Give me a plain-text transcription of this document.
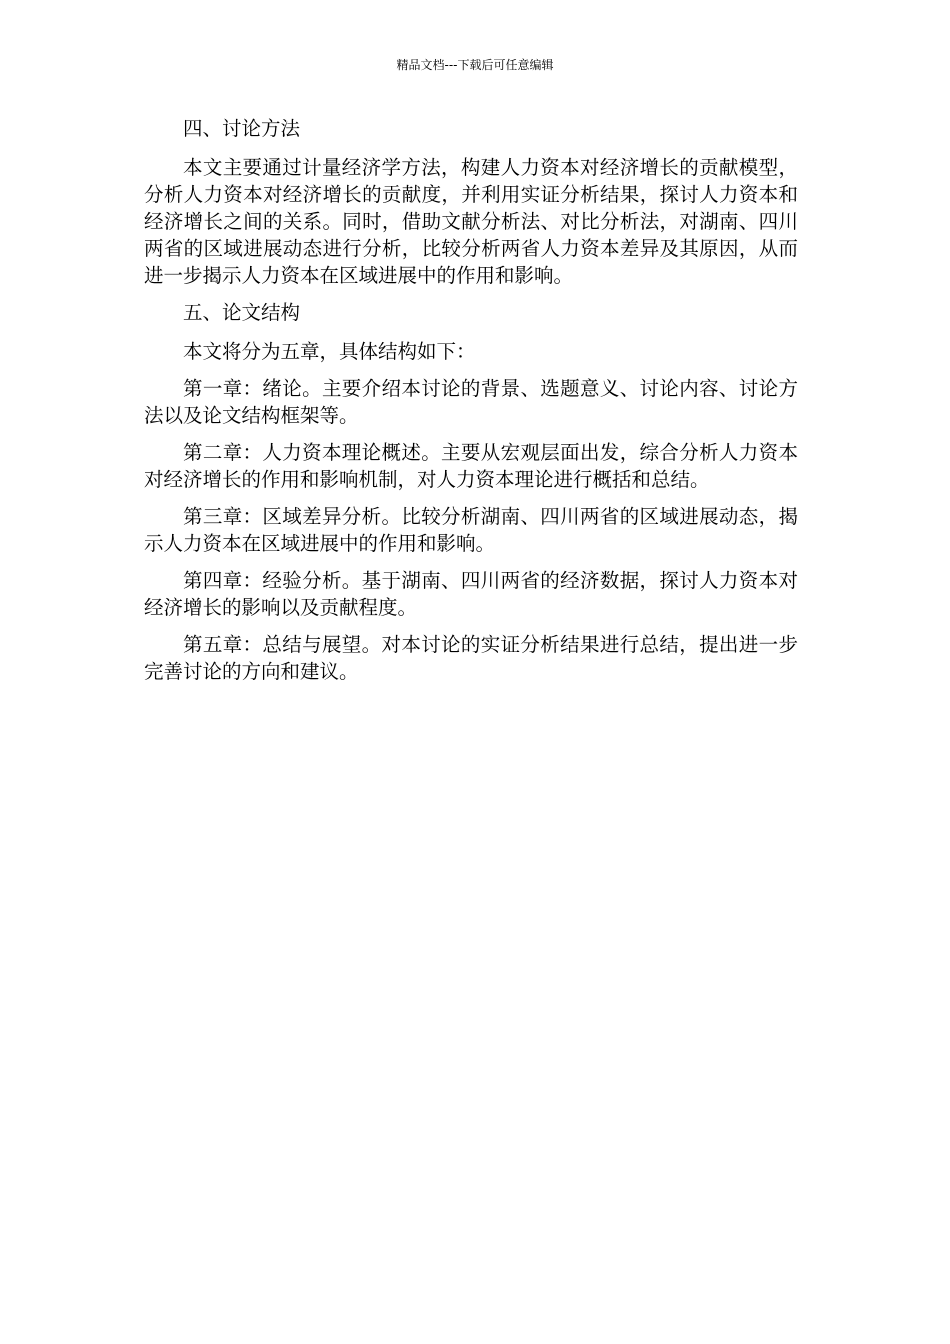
精品文档---下载后可任意编辑

四、讨论方法

本文主要通过计量经济学方法，构建人力资本对经济增长的贡献模型，分析人力资本对经济增长的贡献度，并利用实证分析结果，探讨人力资本和经济增长之间的关系。同时，借助文献分析法、对比分析法，对湖南、四川两省的区域进展动态进行分析，比较分析两省人力资本差异及其原因，从而进一步揭示人力资本在区域进展中的作用和影响。

五、论文结构

本文将分为五章，具体结构如下：

第一章：绪论。主要介绍本讨论的背景、选题意义、讨论内容、讨论方法以及论文结构框架等。

第二章：人力资本理论概述。主要从宏观层面出发，综合分析人力资本对经济增长的作用和影响机制，对人力资本理论进行概括和总结。

第三章：区域差异分析。比较分析湖南、四川两省的区域进展动态，揭示人力资本在区域进展中的作用和影响。

第四章：经验分析。基于湖南、四川两省的经济数据，探讨人力资本对经济增长的影响以及贡献程度。

第五章：总结与展望。对本讨论的实证分析结果进行总结，提出进一步完善讨论的方向和建议。
